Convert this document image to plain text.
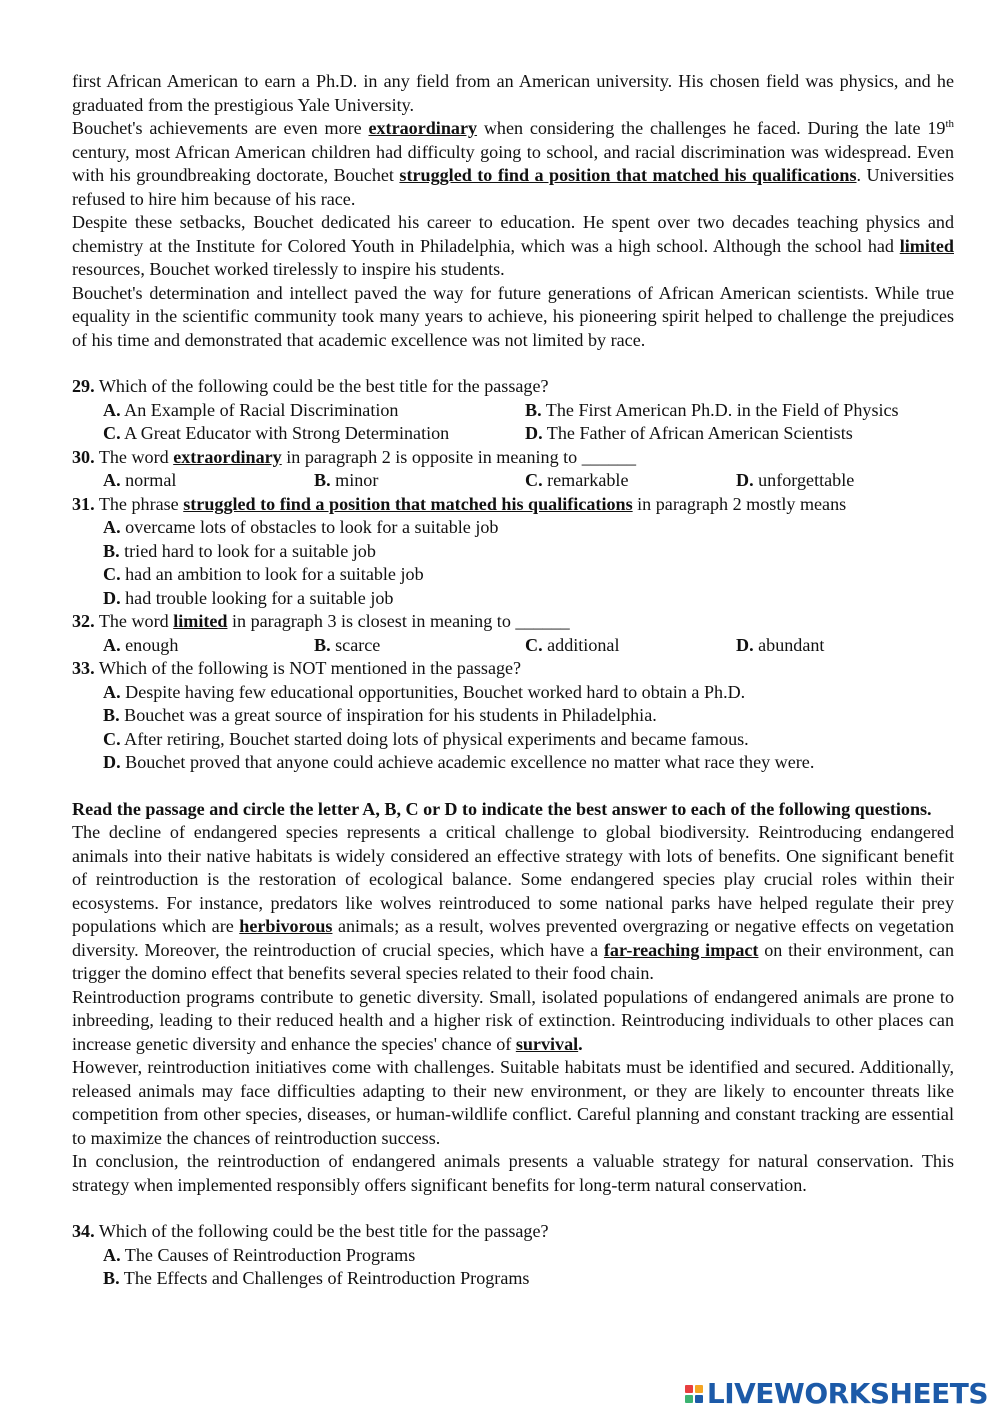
first African American to earn a Ph.D. in any field from an American university. His chosen field was physics, and he graduated from the prestigious Yale University.

Bouchet's achievements are even more extraordinary when considering the challenges he faced. During the late 19th century, most African American children had difficulty going to school, and racial discrimination was widespread. Even with his groundbreaking doctorate, Bouchet struggled to find a position that matched his qualifications. Universities refused to hire him because of his race.

Despite these setbacks, Bouchet dedicated his career to education. He spent over two decades teaching physics and chemistry at the Institute for Colored Youth in Philadelphia, which was a high school. Although the school had limited resources, Bouchet worked tirelessly to inspire his students.

Bouchet's determination and intellect paved the way for future generations of African American scientists. While true equality in the scientific community took many years to achieve, his pioneering spirit helped to challenge the prejudices of his time and demonstrated that academic excellence was not limited by race.

29. Which of the following could be the best title for the passage?

A. An Example of Racial Discrimination	B. The First American Ph.D. in the Field of Physics
C. A Great Educator with Strong Determination	D. The Father of African American Scientists

30. The word extraordinary in paragraph 2 is opposite in meaning to ______

A. normal	B. minor	C. remarkable	D. unforgettable

31. The phrase struggled to find a position that matched his qualifications in paragraph 2 mostly means

A. overcame lots of obstacles to look for a suitable job

B. tried hard to look for a suitable job

C. had an ambition to look for a suitable job

D. had trouble looking for a suitable job

32. The word limited in paragraph 3 is closest in meaning to ______

A. enough	B. scarce	C. additional	D. abundant

33. Which of the following is NOT mentioned in the passage?

A. Despite having few educational opportunities, Bouchet worked hard to obtain a Ph.D.

B. Bouchet was a great source of inspiration for his students in Philadelphia.

C. After retiring, Bouchet started doing lots of physical experiments and became famous.

D. Bouchet proved that anyone could achieve academic excellence no matter what race they were.

Read the passage and circle the letter A, B, C or D to indicate the best answer to each of the following questions.

The decline of endangered species represents a critical challenge to global biodiversity. Reintroducing endangered animals into their native habitats is widely considered an effective strategy with lots of benefits. One significant benefit of reintroduction is the restoration of ecological balance. Some endangered species play crucial roles within their ecosystems. For instance, predators like wolves reintroduced to some national parks have helped regulate their prey populations which are herbivorous animals; as a result, wolves prevented overgrazing or negative effects on vegetation diversity. Moreover, the reintroduction of crucial species, which have a far-reaching impact on their environment, can trigger the domino effect that benefits several species related to their food chain.

Reintroduction programs contribute to genetic diversity. Small, isolated populations of endangered animals are prone to inbreeding, leading to their reduced health and a higher risk of extinction. Reintroducing individuals to other places can increase genetic diversity and enhance the species' chance of survival.

However, reintroduction initiatives come with challenges. Suitable habitats must be identified and secured. Additionally, released animals may face difficulties adapting to their new environment, or they are likely to encounter threats like competition from other species, diseases, or human-wildlife conflict. Careful planning and constant tracking are essential to maximize the chances of reintroduction success.

In conclusion, the reintroduction of endangered animals presents a valuable strategy for natural conservation. This strategy when implemented responsibly offers significant benefits for long-term natural conservation.

34. Which of the following could be the best title for the passage?

A. The Causes of Reintroduction Programs

B. The Effects and Challenges of Reintroduction Programs

LIVEWORKSHEETS
